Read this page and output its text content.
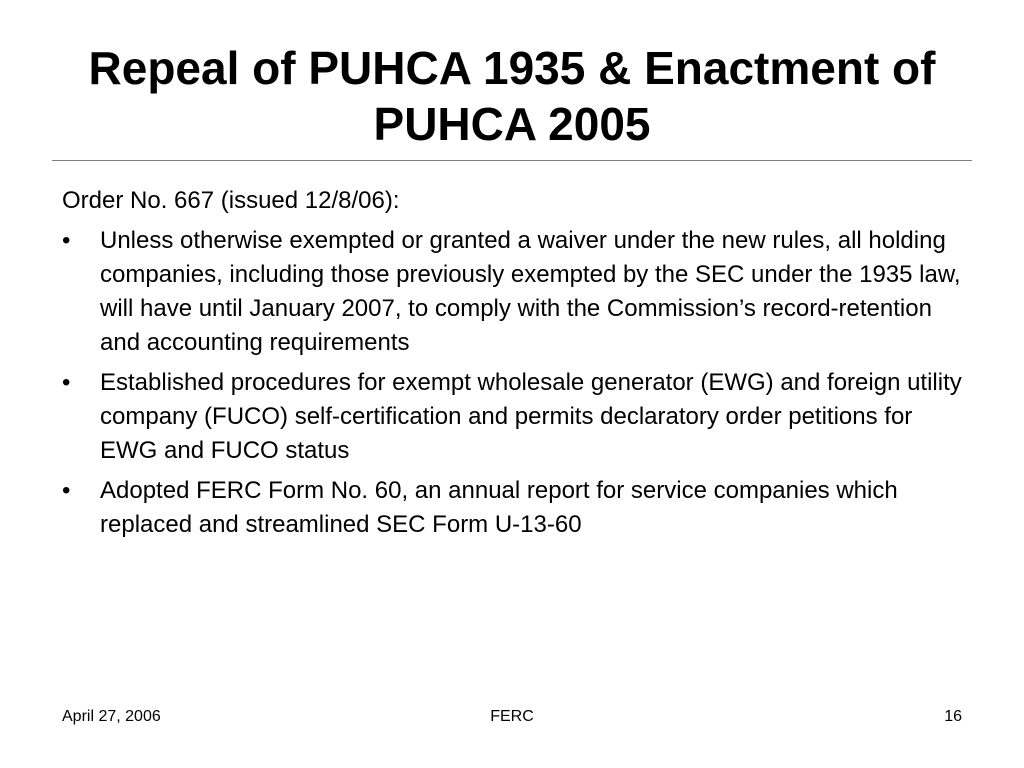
Repeal of PUHCA 1935 & Enactment of PUHCA 2005

Order No. 667 (issued 12/8/06):

•	Unless otherwise exempted or granted a waiver under the new rules, all holding companies, including those previously exempted by the SEC under the 1935 law, will have until January 2007, to comply with the Commission’s record-retention and accounting requirements
•	Established procedures for exempt wholesale generator (EWG) and foreign utility company (FUCO) self-certification and permits declaratory order petitions for EWG and FUCO status
•	Adopted FERC Form No. 60, an annual report for service companies which replaced and streamlined SEC Form U-13-60
April 27, 2006	FERC	16
